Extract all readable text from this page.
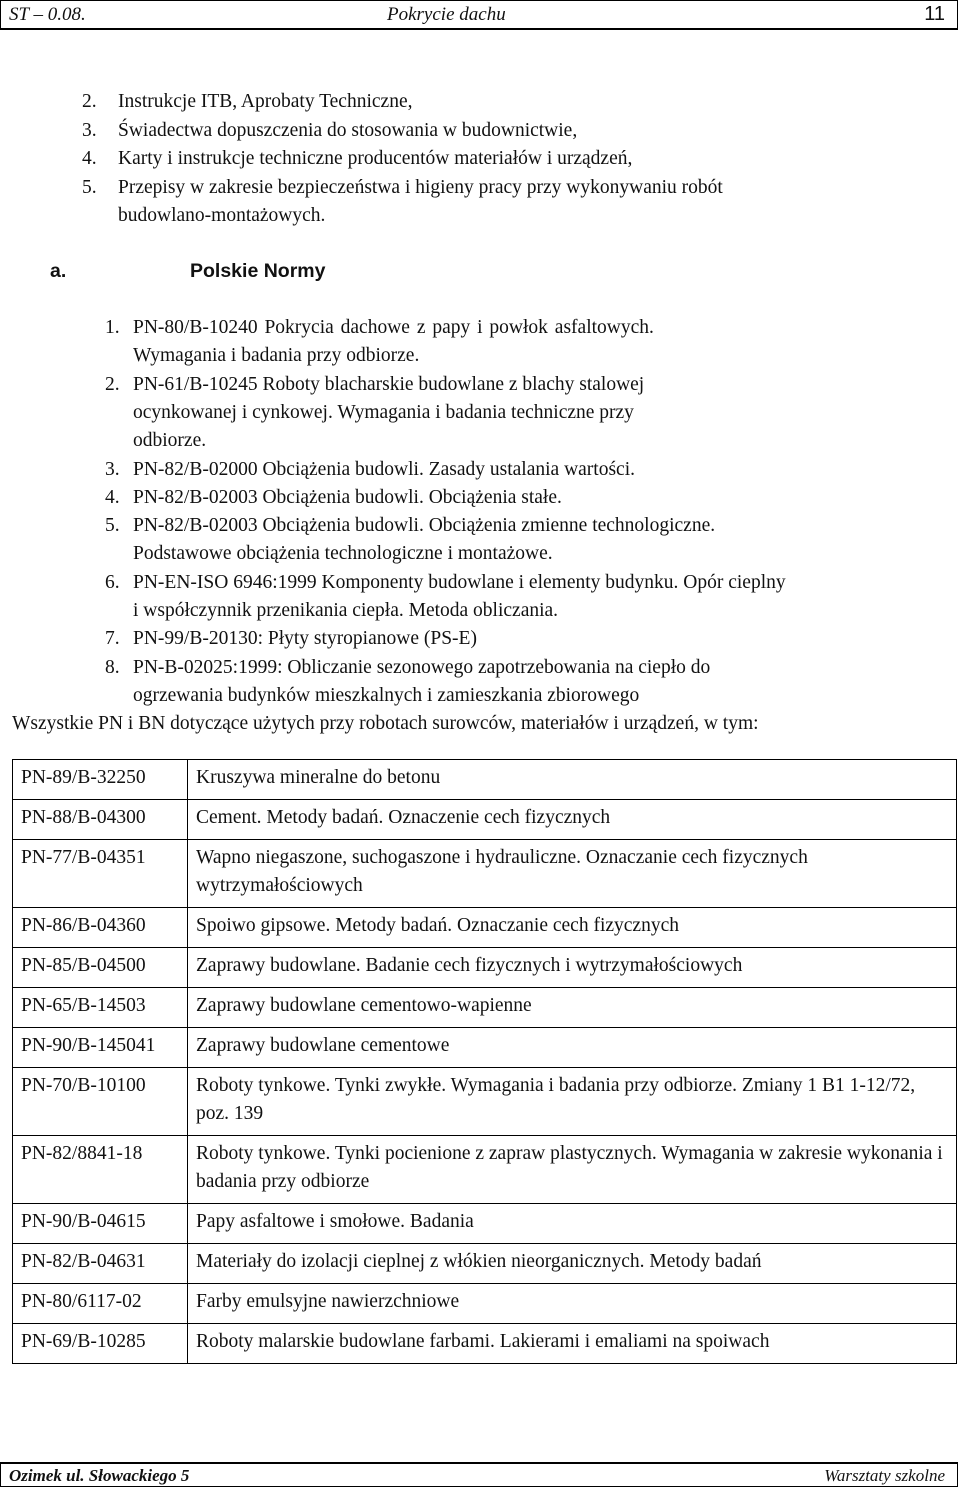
ST – 0.08.	Pokrycie dachu	11
2. Instrukcje ITB, Aprobaty Techniczne,
3. Świadectwa dopuszczenia do stosowania w budownictwie,
4. Karty i instrukcje techniczne producentów materiałów i urządzeń,
5. Przepisy w zakresie bezpieczeństwa i higieny pracy przy wykonywaniu robót
budowlano-montażowych.
a.	Polskie Normy
1. PN-80/B-10240 Pokrycia dachowe z papy i powłok asfaltowych.
Wymagania i badania przy odbiorze.
2. PN-61/B-10245 Roboty blacharskie budowlane z blachy stalowej
ocynkowanej i cynkowej. Wymagania i badania techniczne przy
odbiorze.
3. PN-82/B-02000 Obciążenia budowli. Zasady ustalania wartości.
4. PN-82/B-02003 Obciążenia budowli. Obciążenia stałe.
5. PN-82/B-02003 Obciążenia budowli. Obciążenia zmienne technologiczne.
Podstawowe obciążenia technologiczne i montażowe.
6. PN-EN-ISO 6946:1999 Komponenty budowlane i elementy budynku. Opór cieplny
i współczynnik przenikania ciepła. Metoda obliczania.
7. PN-99/B-20130: Płyty styropianowe (PS-E)
8. PN-B-02025:1999: Obliczanie sezonowego zapotrzebowania na ciepło do
ogrzewania budynków mieszkalnych i zamieszkania zbiorowego
Wszystkie PN i BN dotyczące użytych przy robotach surowców, materiałów i urządzeń, w tym:
PN-89/B-32250	Kruszywa mineralne do betonu
PN-88/B-04300	Cement. Metody badań. Oznaczenie cech fizycznych
PN-77/B-04351	Wapno niegaszone, suchogaszone i hydrauliczne. Oznaczanie cech fizycznych wytrzymałościowych
PN-86/B-04360	Spoiwo gipsowe. Metody badań. Oznaczanie cech fizycznych
PN-85/B-04500	Zaprawy budowlane. Badanie cech fizycznych i wytrzymałościowych
PN-65/B-14503	Zaprawy budowlane cementowo-wapienne
PN-90/B-145041	Zaprawy budowlane cementowe
PN-70/B-10100	Roboty tynkowe. Tynki zwykłe. Wymagania i badania przy odbiorze. Zmiany 1 B1 1-12/72, poz. 139
PN-82/8841-18	Roboty tynkowe. Tynki pocienione z zapraw plastycznych. Wymagania w zakresie wykonania i badania przy odbiorze
PN-90/B-04615	Papy asfaltowe i smołowe. Badania
PN-82/B-04631	Materiały do izolacji cieplnej z włókien nieorganicznych. Metody badań
PN-80/6117-02	Farby emulsyjne nawierzchniowe
PN-69/B-10285	Roboty malarskie budowlane farbami. Lakierami i emaliami na spoiwach
Ozimek ul. Słowackiego 5	Warsztaty szkolne
